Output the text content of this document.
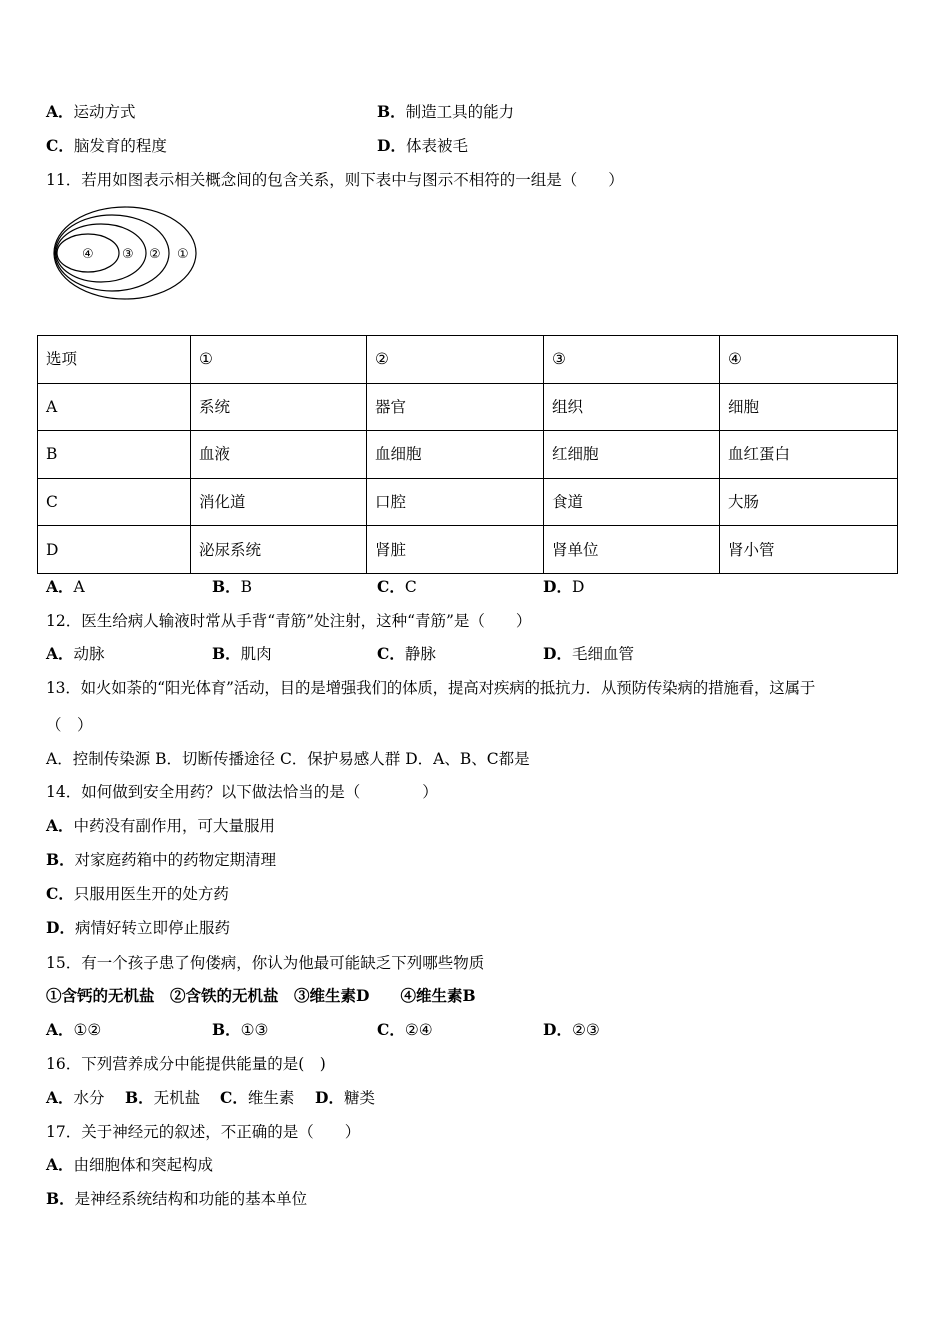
A．运动方式	B．制造工具的能力
C．脑发育的程度	D．体表被毛
11．若用如图表示相关概念间的包含关系，则下表中与图示不相符的一组是（　　）
④ ③ ② ①
选项	①	②	③	④
A	系统	器官	组织	细胞
B	血液	血细胞	红细胞	血红蛋白
C	消化道	口腔	食道	大肠
D	泌尿系统	肾脏	肾单位	肾小管
A．A	B．B	C．C	D．D
12．医生给病人输液时常从手背“青筋”处注射，这种“青筋”是（　　）
A．动脉	B．肌肉	C．静脉	D．毛细血管
13．如火如荼的“阳光体育”活动，目的是增强我们的体质，提高对疾病的抵抗力．从预防传染病的措施看，这属于
（　）
A．控制传染源 B．切断传播途径 C．保护易感人群 D．A、B、C都是
14．如何做到安全用药？以下做法恰当的是（　　　　）
A．中药没有副作用，可大量服用
B．对家庭药箱中的药物定期清理
C．只服用医生开的处方药
D．病情好转立即停止服药
15．有一个孩子患了佝偻病，你认为他最可能缺乏下列哪些物质
①含钙的无机盐　②含铁的无机盐　③维生素D　　④维生素B
A．①②	B．①③	C．②④	D．②③
16．下列营养成分中能提供能量的是(　)
A．水分 B．无机盐 C．维生素 D．糖类
17．关于神经元的叙述，不正确的是（　　）
A．由细胞体和突起构成
B．是神经系统结构和功能的基本单位
